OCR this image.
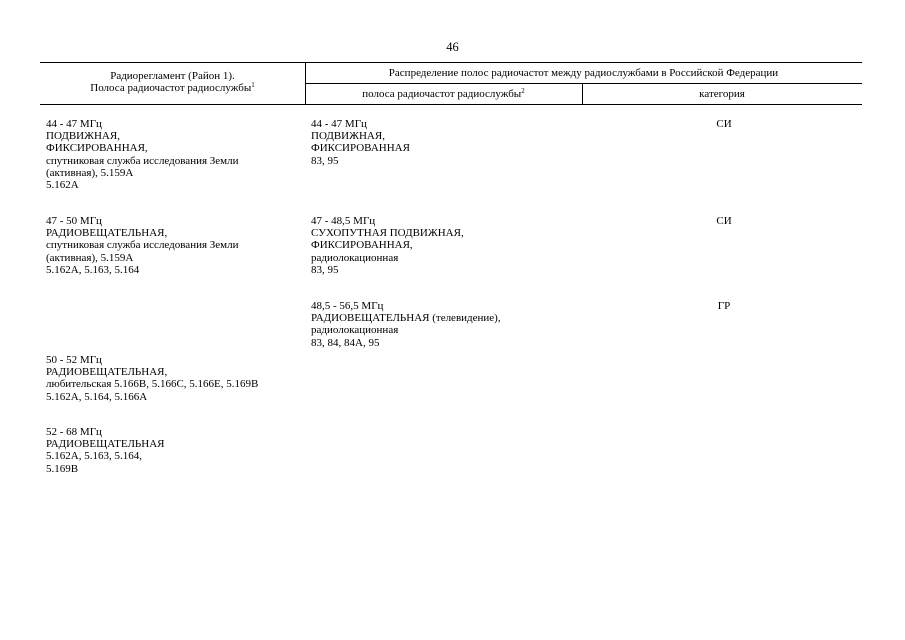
46
Радиорегламент (Район 1).
Полоса радиочастот радиослужбы$^1$
Распределение полос радиочастот между радиослужбами в Российской Федерации
полоса радиочастот радиослужбы$^2$	категория
44 - 47 МГц
ПОДВИЖНАЯ,
ФИКСИРОВАННАЯ,
спутниковая служба исследования Земли
(активная), 5.159А
5.162А
47 - 50 МГц
РАДИОВЕЩАТЕЛЬНАЯ,
спутниковая служба исследования Земли
(активная), 5.159А
5.162А, 5.163, 5.164
50 - 52 МГц
РАДИОВЕЩАТЕЛЬНАЯ,
любительская 5.166В, 5.166С, 5.166Е, 5.169В
5.162А, 5.164, 5.166А
52 - 68 МГц
РАДИОВЕЩАТЕЛЬНАЯ
5.162А, 5.163, 5.164,
5.169В
44 - 47 МГц
ПОДВИЖНАЯ,
ФИКСИРОВАННАЯ
83, 95
СИ
47 - 48,5 МГц
СУХОПУТНАЯ ПОДВИЖНАЯ,
ФИКСИРОВАННАЯ,
радиолокационная
83, 95
СИ
48,5 - 56,5 МГц
РАДИОВЕЩАТЕЛЬНАЯ (телевидение),
радиолокационная
83, 84, 84А, 95
ГР
